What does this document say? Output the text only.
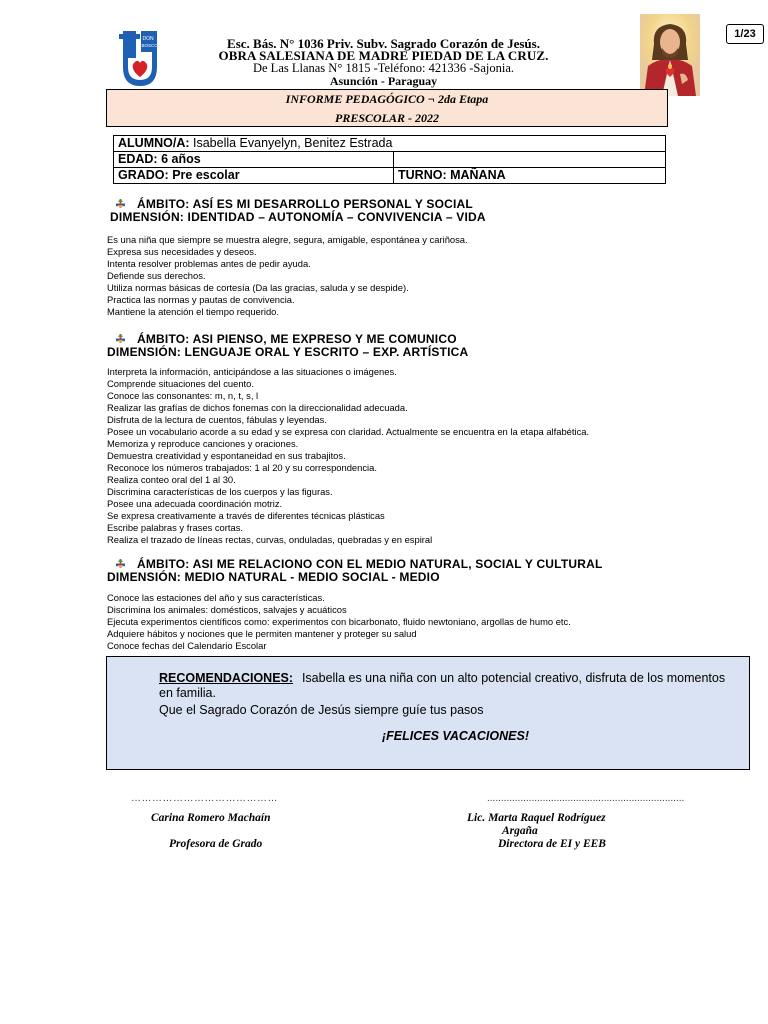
1/23
DON
BOSCO	Esc. Bás. N° 1036 Priv. Subv. Sagrado Corazón de Jesús.
OBRA SALESIANA DE MADRE PIEDAD DE LA CRUZ.
De Las Llanas N° 1815 -Teléfono: 421336 -Sajonia.
Asunción - Paraguay
INFORME PEDAGÓGICO ¬ 2da Etapa
PRESCOLAR - 2022
ALUMNO/A: Isabella Evanyelyn, Benitez Estrada	
EDAD: 6 años	
GRADO: Pre escolar	TURNO: MAÑANA
ÁMBITO: ASÍ ES MI DESARROLLO PERSONAL Y SOCIAL
DIMENSIÓN: IDENTIDAD – AUTONOMÍA – CONVIVENCIA – VIDA
Es una niña que siempre se muestra alegre, segura, amigable, espontánea y cariñosa.
Expresa sus necesidades y deseos.
Intenta resolver problemas antes de pedir ayuda.
Defiende sus derechos.
Utiliza normas básicas de cortesía (Da las gracias, saluda y se despide).
Practica las normas y pautas de convivencia.
Mantiene la atención el tiempo requerido.
ÁMBITO: ASI PIENSO, ME EXPRESO Y ME COMUNICO
DIMENSIÓN: LENGUAJE ORAL Y ESCRITO – EXP. ARTÍSTICA
Interpreta la información, anticipándose a las situaciones o imágenes.
Comprende situaciones del cuento.
Conoce las consonantes: m, n, t, s, l
Realizar las grafías de dichos fonemas con la direccionalidad adecuada.
Disfruta de la lectura de cuentos, fábulas y leyendas.
Posee un vocabulario acorde a su edad y se expresa con claridad. Actualmente se encuentra en la etapa alfabética.
Memoriza y reproduce canciones y oraciones.
Demuestra creatividad y espontaneidad en sus trabajitos.
Reconoce los números trabajados: 1 al 20 y su correspondencia.
Realiza conteo oral del 1 al 30.
Discrimina características de los cuerpos y las figuras.
Posee una adecuada coordinación motriz.
Se expresa creativamente a través de diferentes técnicas plásticas
Escribe palabras y frases cortas.
Realiza el trazado de líneas rectas, curvas, onduladas, quebradas y en espiral
ÁMBITO: ASI ME RELACIONO CON EL MEDIO NATURAL, SOCIAL Y CULTURAL
DIMENSIÓN: MEDIO NATURAL - MEDIO SOCIAL - MEDIO
Conoce las estaciones del año y sus características.
Discrimina los animales: domésticos, salvajes y acuáticos
Ejecuta experimentos científicos como: experimentos con bicarbonato, fluido newtoniano, argollas de humo etc.
Adquiere hábitos y nociones que le permiten mantener y proteger su salud
Conoce fechas del Calendario Escolar
RECOMENDACIONES: Isabella es una niña con un alto potencial creativo, disfruta de los momentos
en familia.
Que el Sagrado Corazón de Jesús siempre guíe tus pasos
¡FELICES VACACIONES!
……………………………………	.......................................................................
Carina Romero Machaín
Profesora de Grado
Lic. Marta Raquel Rodríguez
Argaña
Directora de EI y EEB
